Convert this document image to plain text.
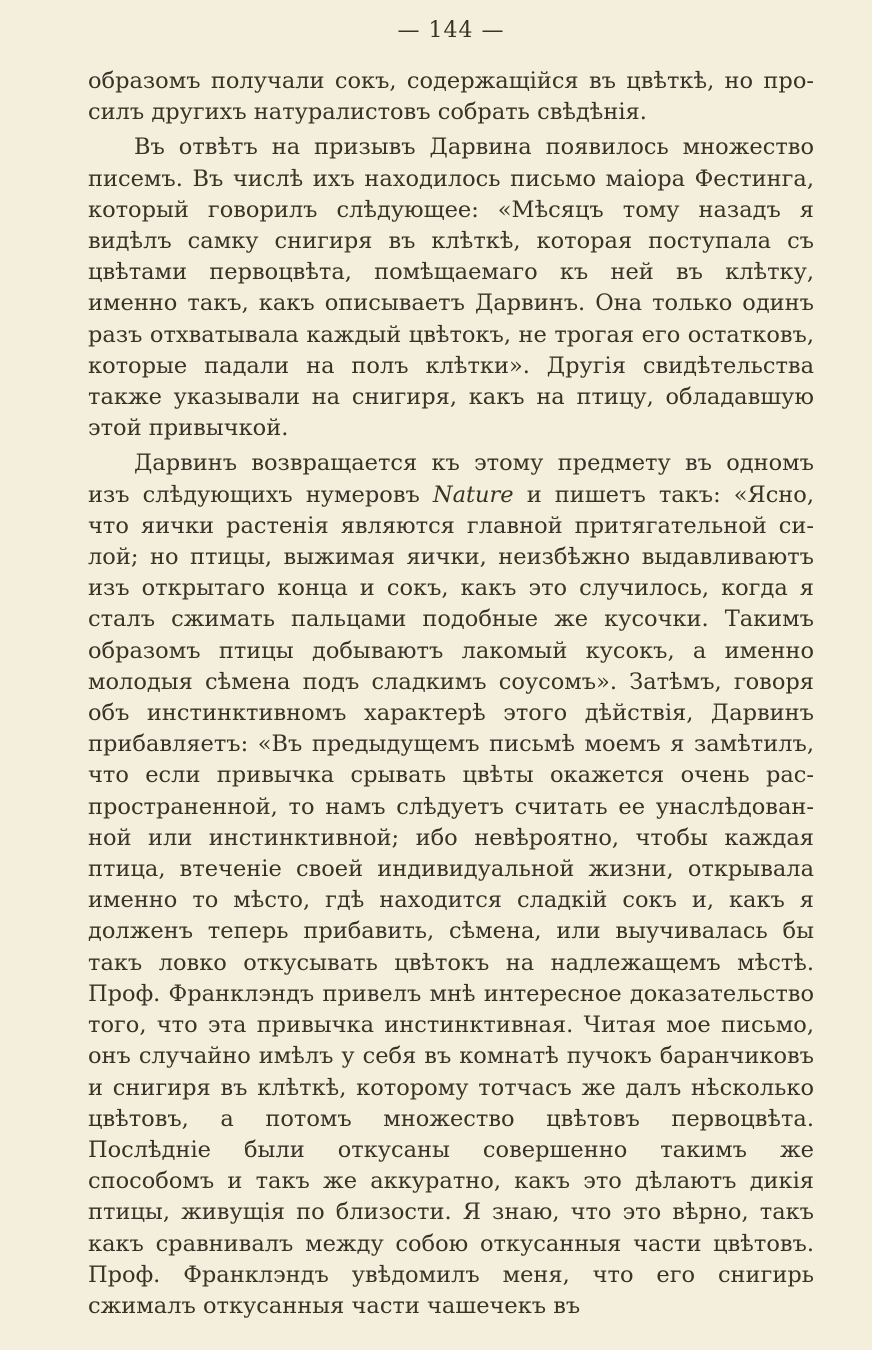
— 144 —

образомъ получали сокъ, содержащійся въ цвѣткѣ, но просилъ другихъ натуралистовъ собрать свѣдѣнія.

Въ отвѣтъ на призывъ Дарвина появилось множество писемъ. Въ числѣ ихъ находилось письмо маіора Фестинга, который говорилъ слѣдующее: «Мѣсяцъ тому назадъ я видѣлъ самку снигиря въ клѣткѣ, которая поступала съ цвѣтами первоцвѣта, помѣщаемаго къ ней въ клѣтку, именно такъ, какъ описываетъ Дарвинъ. Она только одинъ разъ отхватывала каждый цвѣтокъ, не трогая его остатковъ, которые падали на полъ клѣтки». Другія свидѣтельства также указывали на снигиря, какъ на птицу, обладавшую этой привычкой.

Дарвинъ возвращается къ этому предмету въ одномъ изъ слѣдующихъ нумеровъ Nature и пишетъ такъ: «Ясно, что яички растенія являются главной притягательной силой; но птицы, выжимая яички, неизбѣжно выдавливаютъ изъ открытаго конца и сокъ, какъ это случилось, когда я сталъ сжимать пальцами подобные же кусочки. Такимъ образомъ птицы добываютъ лакомый кусокъ, а именно молодыя сѣмена подъ сладкимъ соусомъ». Затѣмъ, говоря объ инстинктивномъ характерѣ этого дѣйствія, Дарвинъ прибавляетъ: «Въ предыдущемъ письмѣ моемъ я замѣтилъ, что если привычка срывать цвѣты окажется очень распространенной, то намъ слѣдуетъ считать ее унаслѣдованной или инстинктивной; ибо невѣроятно, чтобы каждая птица, втеченіе своей индивидуальной жизни, открывала именно то мѣсто, гдѣ находится сладкій сокъ и, какъ я долженъ теперь прибавить, сѣмена, или выучивалась бы такъ ловко откусывать цвѣтокъ на надлежащемъ мѣстѣ. Проф. Франклэндъ привелъ мнѣ интересное доказательство того, что эта привычка инстинктивная. Читая мое письмо, онъ случайно имѣлъ у себя въ комнатѣ пучокъ баранчиковъ и снигиря въ клѣткѣ, которому тотчасъ же далъ нѣсколько цвѣтовъ, а потомъ множество цвѣтовъ первоцвѣта. Послѣдніе были откусаны совершенно такимъ же способомъ и такъ же аккуратно, какъ это дѣлаютъ дикія птицы, живущія по близости. Я знаю, что это вѣрно, такъ какъ сравнивалъ между собою откусанныя части цвѣтовъ. Проф. Франклэндъ увѣдомилъ меня, что его снигирь сжималъ откусанныя части чашечекъ въ
